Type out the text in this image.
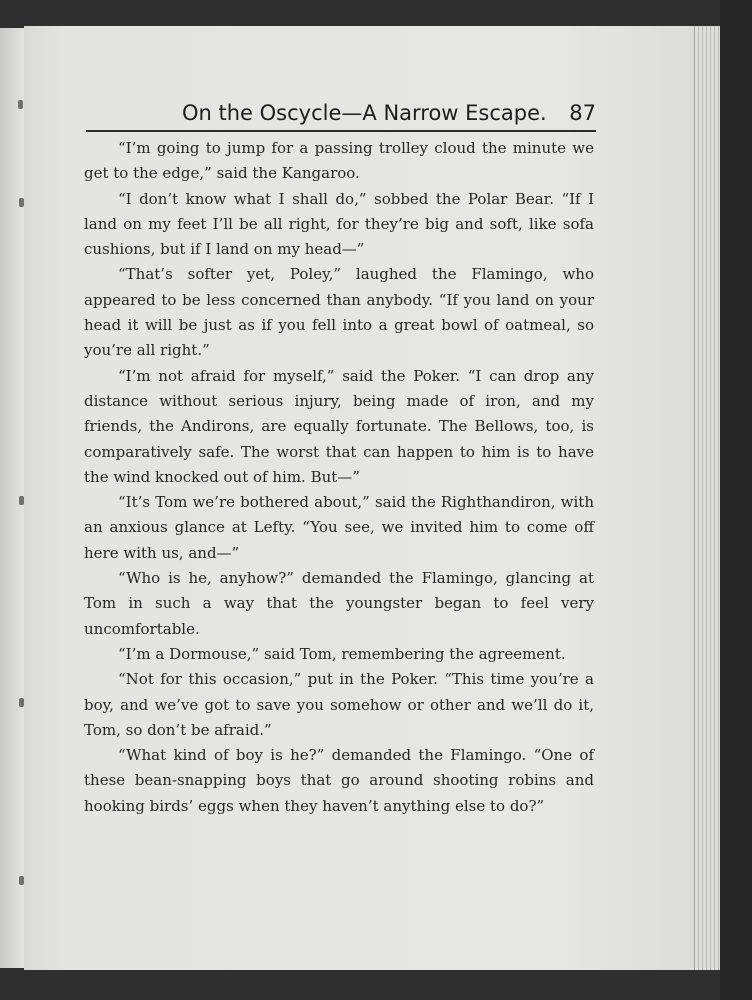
On the Oscycle—A Narrow Escape. 87

“I’m going to jump for a passing trolley cloud the minute we get to the edge,” said the Kangaroo.

“I don’t know what I shall do,” sobbed the Polar Bear. “If I land on my feet I’ll be all right, for they’re big and soft, like sofa cushions, but if I land on my head—”

“That’s softer yet, Poley,” laughed the Flamingo, who appeared to be less concerned than anybody. “If you land on your head it will be just as if you fell into a great bowl of oatmeal, so you’re all right.”

“I’m not afraid for myself,” said the Poker. “I can drop any distance without serious injury, being made of iron, and my friends, the Andirons, are equally fortunate. The Bellows, too, is comparatively safe. The worst that can happen to him is to have the wind knocked out of him. But—”

“It’s Tom we’re bothered about,” said the Righthandiron, with an anxious glance at Lefty. “You see, we invited him to come off here with us, and—”

“Who is he, anyhow?” demanded the Flamingo, glancing at Tom in such a way that the youngster began to feel very uncomfortable.

“I’m a Dormouse,” said Tom, remembering the agreement.

“Not for this occasion,” put in the Poker. “This time you’re a boy, and we’ve got to save you somehow or other and we’ll do it, Tom, so don’t be afraid.”

“What kind of boy is he?” demanded the Flamingo. “One of these bean-snapping boys that go around shooting robins and hooking birds’ eggs when they haven’t anything else to do?”
